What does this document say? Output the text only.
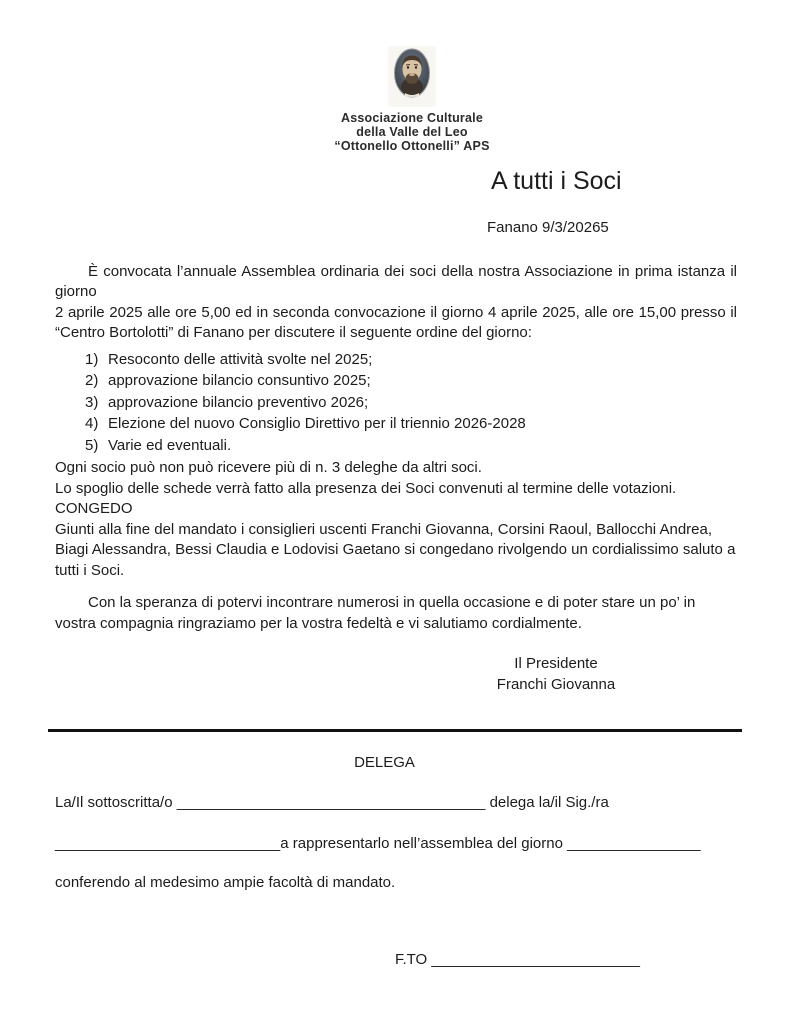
Associazione Culturale
della Valle del Leo
“Ottonello Ottonelli” APS
A tutti i Soci
Fanano 9/3/20265
È convocata l’annuale Assemblea ordinaria dei soci della nostra Associazione in prima istanza il giorno
2 aprile 2025 alle ore 5,00 ed in seconda convocazione il giorno 4 aprile 2025, alle ore 15,00 presso il
“Centro Bortolotti” di Fanano per discutere il seguente ordine del giorno:
1) Resoconto delle attività svolte nel 2025;
2) approvazione bilancio consuntivo 2025;
3) approvazione bilancio preventivo 2026;
4) Elezione del nuovo Consiglio Direttivo per il triennio 2026-2028
5) Varie ed eventuali.
Ogni socio può non può ricevere più di n. 3 deleghe da altri soci.
Lo spoglio delle schede verrà fatto alla presenza dei Soci convenuti al termine delle votazioni.
CONGEDO
Giunti alla fine del mandato i consiglieri uscenti Franchi Giovanna, Corsini Raoul, Ballocchi Andrea, Biagi Alessandra, Bessi Claudia e Lodovisi Gaetano si congedano rivolgendo un cordialissimo saluto a tutti i Soci.
Con la speranza di potervi incontrare numerosi in quella occasione e di poter stare un po’ in
vostra compagnia ringraziamo per la vostra fedeltà e vi salutiamo cordialmente.
Il Presidente
Franchi Giovanna
DELEGA
La/Il sottoscritta/o _____________________________________ delega la/il Sig./ra
___________________________a rappresentarlo nell’assemblea del giorno ________________
conferendo al medesimo ampie facoltà di mandato.
F.TO _________________________
